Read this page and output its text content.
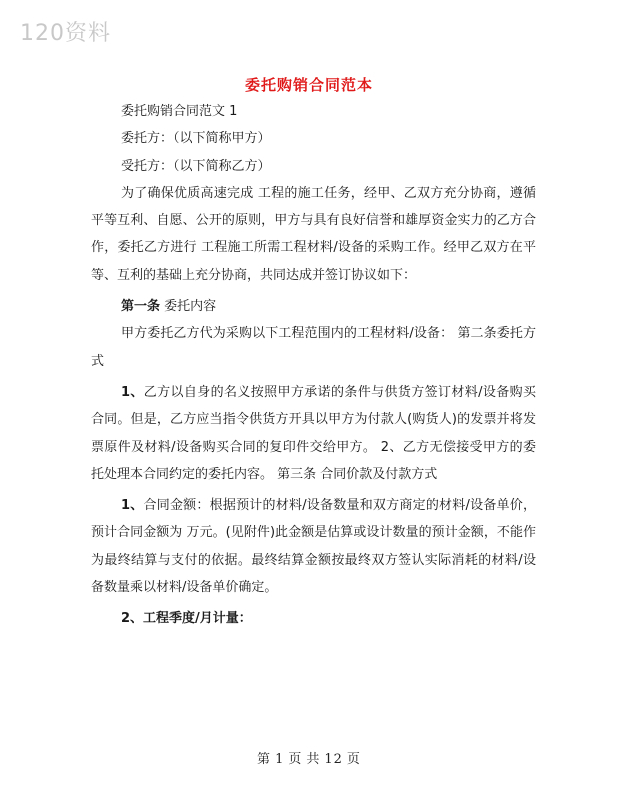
120资料
委托购销合同范本

委托购销合同范文 1

委托方：（以下简称甲方）

受托方：（以下简称乙方）

为了确保优质高速完成 工程的施工任务，经甲、乙双方充分协商，遵循平等互利、自愿、公开的原则，甲方与具有良好信誉和雄厚资金实力的乙方合作，委托乙方进行 工程施工所需工程材料/设备的采购工作。经甲乙双方在平等、互利的基础上充分协商，共同达成并签订协议如下：

第一条 委托内容

甲方委托乙方代为采购以下工程范围内的工程材料/设备： 第二条委托方式

1、乙方以自身的名义按照甲方承诺的条件与供货方签订材料/设备购买合同。但是，乙方应当指令供货方开具以甲方为付款人(购货人)的发票并将发票原件及材料/设备购买合同的复印件交给甲方。 2、乙方无偿接受甲方的委托处理本合同约定的委托内容。 第三条 合同价款及付款方式

1、合同金额：根据预计的材料/设备数量和双方商定的材料/设备单价，预计合同金额为 万元。(见附件)此金额是估算或设计数量的预计金额，不能作为最终结算与支付的依据。最终结算金额按最终双方签认实际消耗的材料/设备数量乘以材料/设备单价确定。

2、工程季度/月计量：

第 1 页 共 12 页
